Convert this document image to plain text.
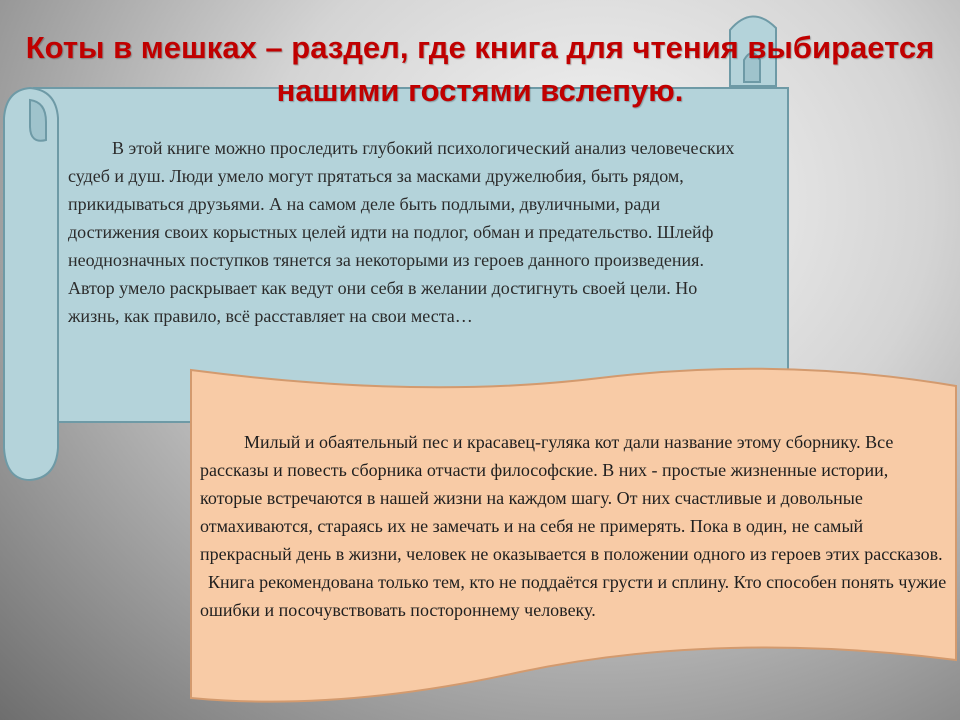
Коты в мешках – раздел, где книга для чтения выбирается нашими гостями вслепую.

В этой книге можно проследить глубокий психологический анализ человеческих судеб и душ. Люди умело могут прятаться за масками дружелюбия, быть рядом, прикидываться друзьями. А на самом деле быть подлыми, двуличными, ради достижения своих корыстных целей идти на подлог, обман и предательство. Шлейф неоднозначных поступков тянется за некоторыми из героев данного произведения. Автор умело раскрывает как ведут они себя в желании достигнуть своей цели. Но жизнь, как правило, всё расставляет на свои места…

Милый и обаятельный пес и красавец-гуляка кот дали название этому сборнику. Все рассказы и повесть сборника отчасти философские. В них - простые жизненные истории, которые встречаются в нашей жизни на каждом шагу. От них счастливые и довольные отмахиваются, стараясь их не замечать и на себя не примерять. Пока в один, не самый прекрасный день в жизни, человек не оказывается в положении одного из героев этих рассказов.
Книга рекомендована только тем, кто не поддаётся грусти и сплину. Кто способен понять чужие ошибки и посочувствовать постороннему человеку.
